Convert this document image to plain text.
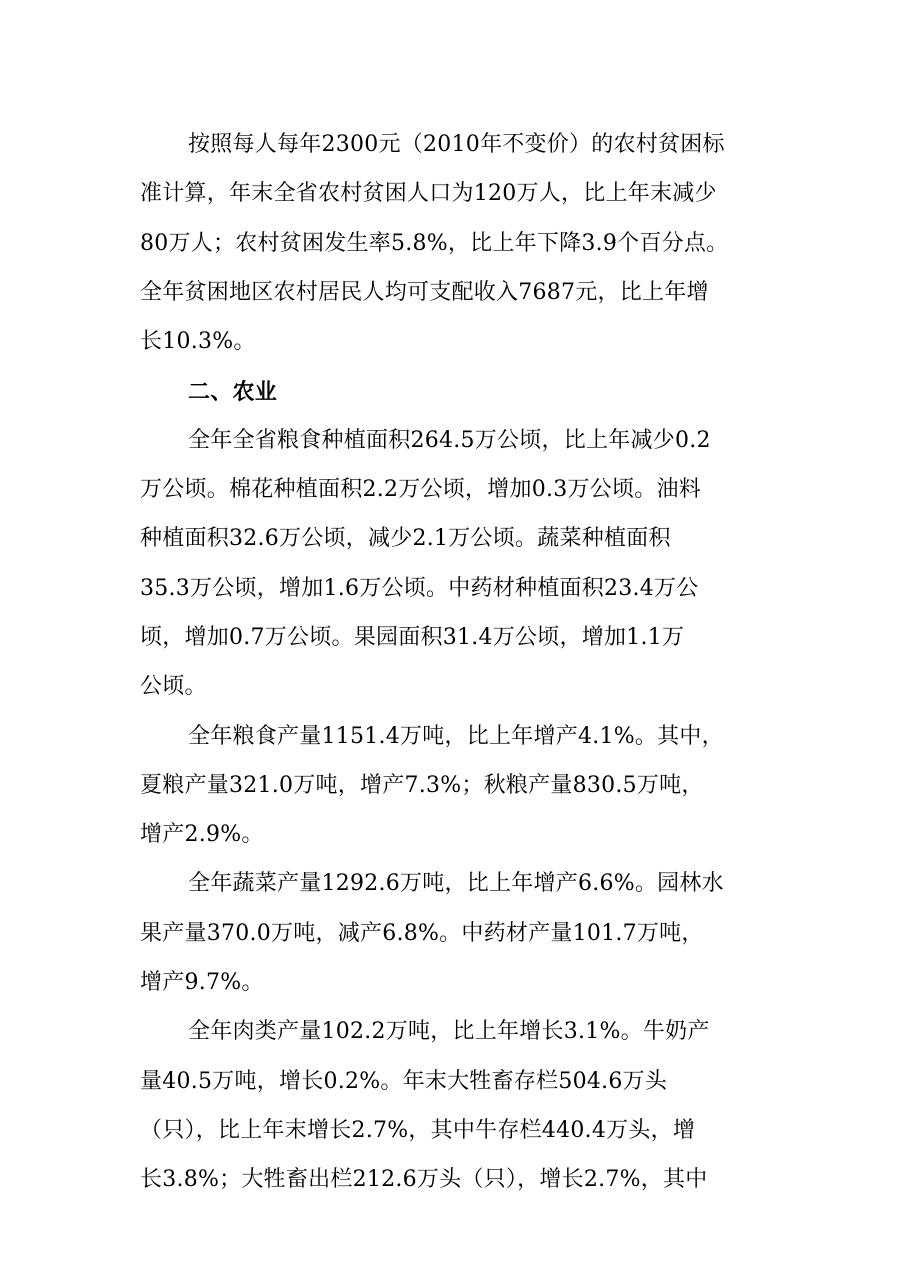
按照每人每年2300元（2010年不变价）的农村贫困标
准计算，年末全省农村贫困人口为120万人，比上年末减少
80万人；农村贫困发生率5.8%，比上年下降3.9个百分点。
全年贫困地区农村居民人均可支配收入7687元，比上年增
长10.3%。
二、农业
全年全省粮食种植面积264.5万公顷，比上年减少0.2
万公顷。棉花种植面积2.2万公顷，增加0.3万公顷。油料
种植面积32.6万公顷，减少2.1万公顷。蔬菜种植面积
35.3万公顷，增加1.6万公顷。中药材种植面积23.4万公
顷，增加0.7万公顷。果园面积31.4万公顷，增加1.1万
公顷。
全年粮食产量1151.4万吨，比上年增产4.1%。其中，
夏粮产量321.0万吨，增产7.3%；秋粮产量830.5万吨，
增产2.9%。
全年蔬菜产量1292.6万吨，比上年增产6.6%。园林水
果产量370.0万吨，减产6.8%。中药材产量101.7万吨，
增产9.7%。
全年肉类产量102.2万吨，比上年增长3.1%。牛奶产
量40.5万吨，增长0.2%。年末大牲畜存栏504.6万头
（只），比上年末增长2.7%，其中牛存栏440.4万头，增
长3.8%；大牲畜出栏212.6万头（只），增长2.7%，其中
